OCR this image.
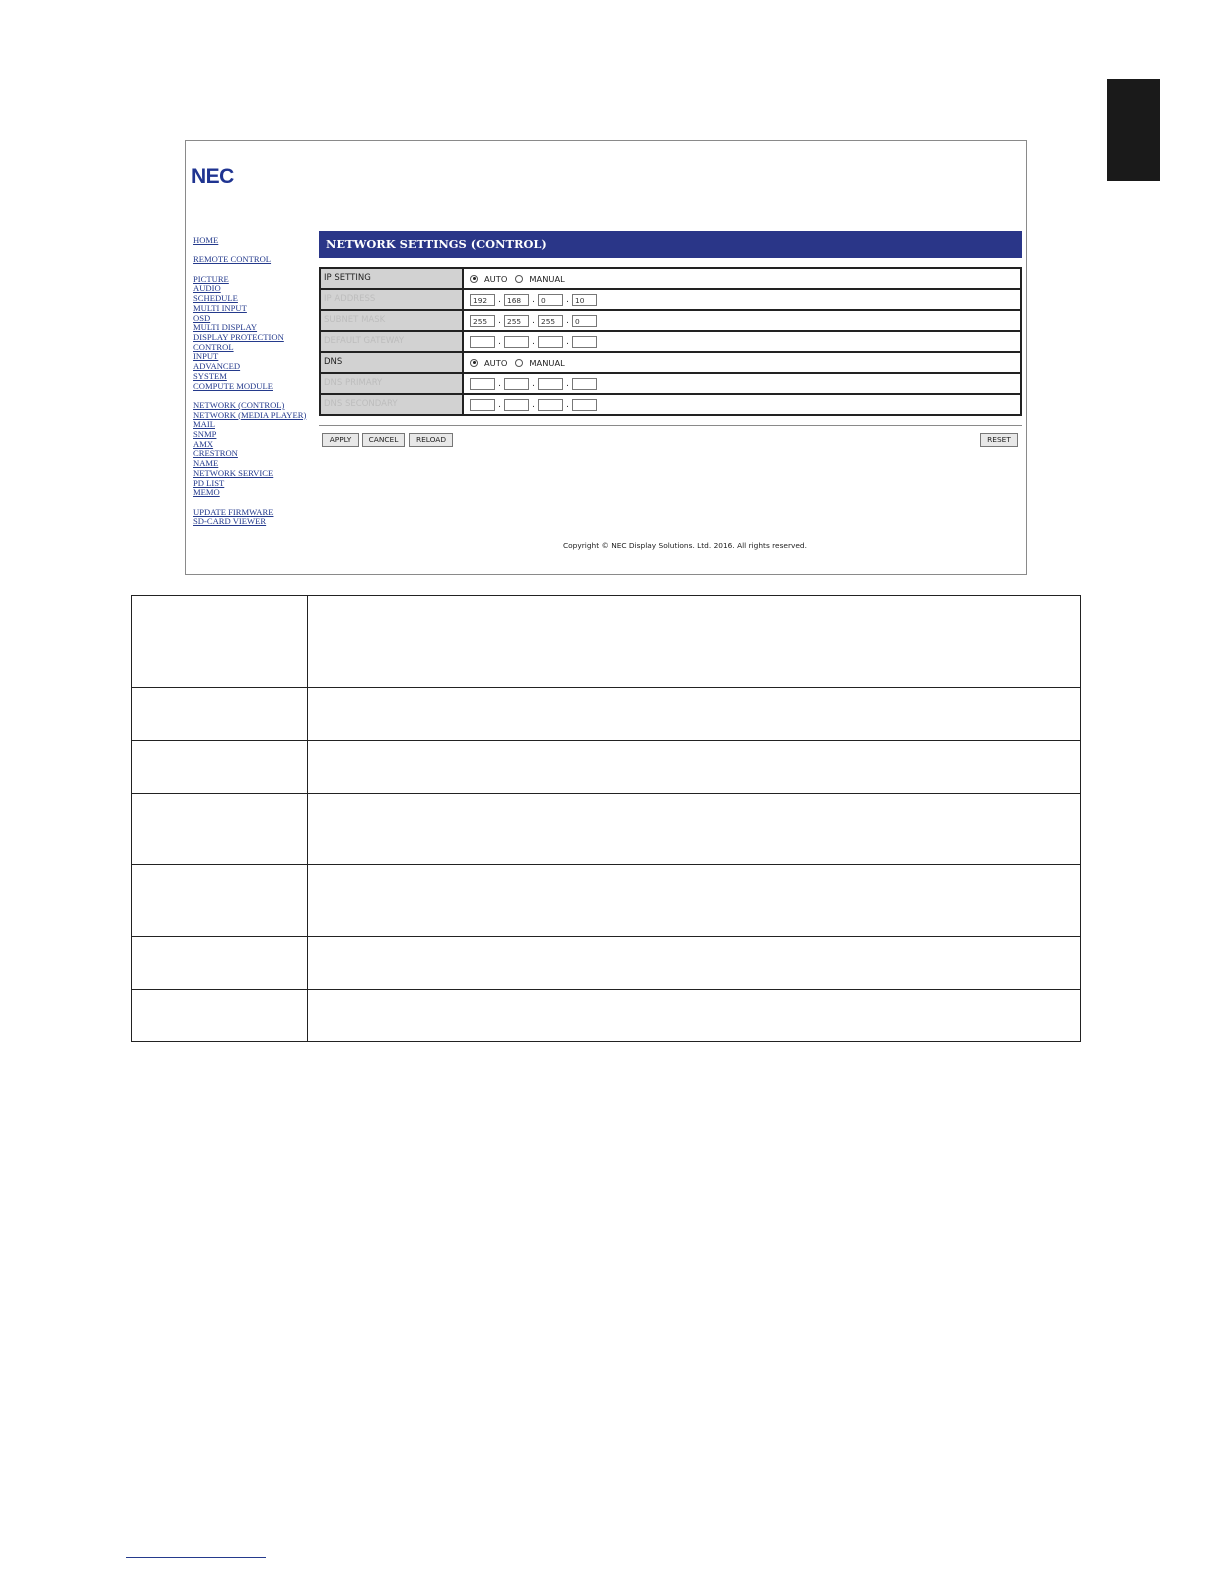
NEC
HOME
REMOTE CONTROL
PICTURE
AUDIO
SCHEDULE
MULTI INPUT
OSD
MULTI DISPLAY
DISPLAY PROTECTION
CONTROL
INPUT
ADVANCED
SYSTEM
COMPUTE MODULE
NETWORK (CONTROL)
NETWORK (MEDIA PLAYER)
MAIL
SNMP
AMX
CRESTRON
NAME
NETWORK SERVICE
PD LIST
MEMO
UPDATE FIRMWARE
SD-CARD VIEWER
NETWORK SETTINGS (CONTROL)
IP SETTING	AUTO	MANUAL
IP ADDRESS	192	. 168	. 0	. 10
SUBNET MASK	255	. 255	. 255	. 0
DEFAULT GATEWAY	.	.	.
DNS	AUTO	MANUAL
DNS PRIMARY	.	.	.
DNS SECONDARY	.	.	.
APPLY	CANCEL	RELOAD	RESET
Copyright © NEC Display Solutions. Ltd. 2016. All rights reserved.
